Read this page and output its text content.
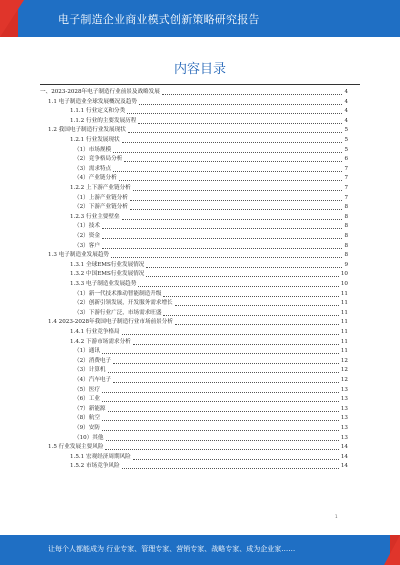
电子制造企业商业模式创新策略研究报告
内容目录
一、2023-2028年电子制造行业前景及战略发展	4
1.1 电子制造业全球发展概况及趋势	4
1.1.1 行业定义和分类	4
1.1.2 行业的主要发展历程	4
1.2 我国电子制造行业发展现状	5
1.2.1 行业发展现状	5
（1）市场规模	5
（2）竞争格局分析	6
（3）需求特点	7
（4）产业链分析	7
1.2.2 上下游产业链分析	7
（1）上游产业链分析	7
（2）下游产业链分析	8
1.2.3 行业主要壁垒	8
（1）技术	8
（2）资金	8
（3）客户	8
1.3 电子制造业发展趋势	8
1.3.1 全球EMS行业发展情况	9
1.3.2 中国EMS行业发展情况	10
1.3.3 电子制造业发展趋势	10
（1）新一代技术推动智能制造升级	11
（2）创新引领发展，开发服务需求增长	11
（3）下游行业广泛，市场需求旺盛	11
1.4 2023-2028年我国电子制造行业市场前景分析	11
1.4.1 行业竞争格局	11
1.4.2 下游市场需求分析	11
（1）通讯	11
（2）消费电子	12
（3）计算机	12
（4）汽车电子	12
（5）医疗	13
（6）工业	13
（7）新能源	13
（8）航空	13
（9）安防	13
（10）其他	13
1.5 行业发展主要风险	14
1.5.1 宏观经济周期风险	14
1.5.2 市场竞争风险	14
1
让每个人都能成为 行业专家、管理专家、营销专家、战略专家、成为企业家……
